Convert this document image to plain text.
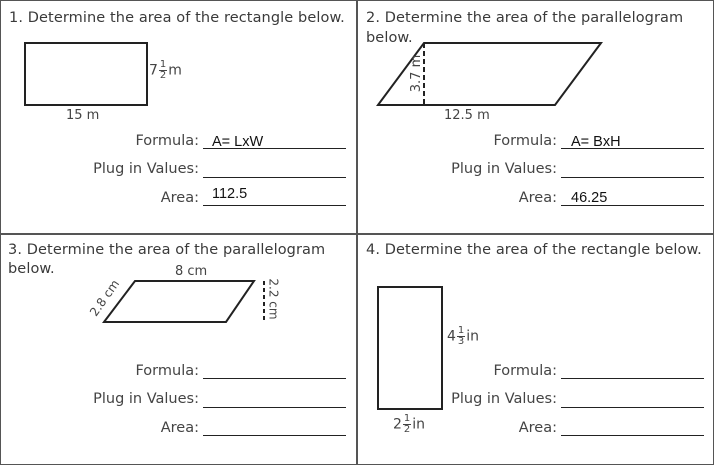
1. Determine the area of the rectangle below.
$7 \frac{1}{2}$ m
15 m
Formula: A= LxW
Plug in Values:
Area: 112.5
2. Determine the area of the parallelogram
below.
3.7 m
12.5 m
Formula: A= BxH
Plug in Values:
Area: 46.25
3. Determine the area of the parallelogram
below.	8 cm
2.8 cm	2.2 cm
Formula:
Plug in Values:
Area:
4. Determine the area of the rectangle below.
$4 \frac{1}{3}$ in
$2 \frac{1}{2}$ in
Formula:
Plug in Values:
Area:
